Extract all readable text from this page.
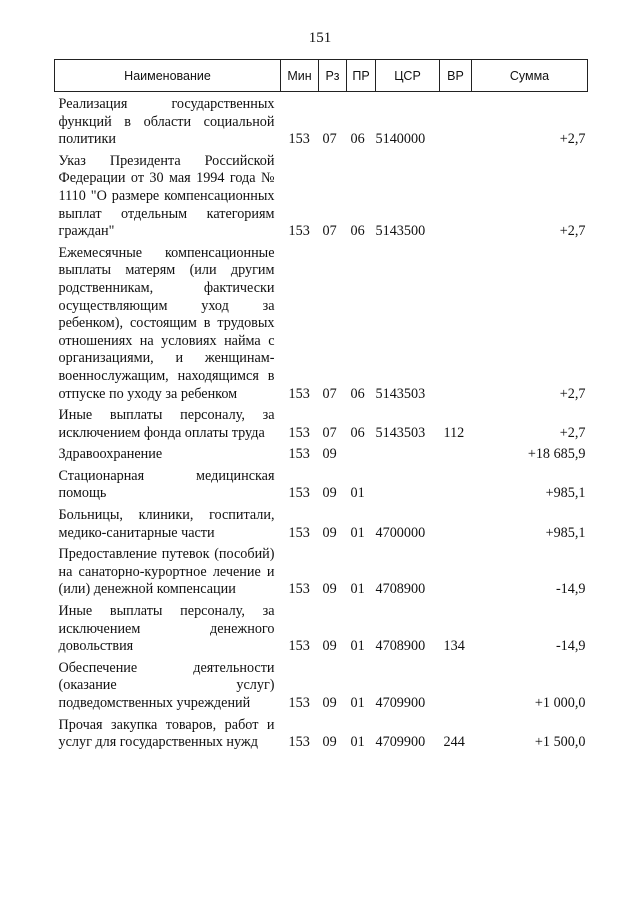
151
Наименование	Мин	Рз	ПР	ЦСР	ВР	Сумма
Реализация государственных функций в области социальной политики	153	07	06	5140000		+2,7
Указ Президента Российской Федерации от 30 мая 1994 года № 1110 "О размере компенсационных выплат отдельным категориям граждан"	153	07	06	5143500		+2,7
Ежемесячные компенсационные выплаты матерям (или другим родственникам, фактически осуществляющим уход за ребенком), состоящим в трудовых отношениях на условиях найма с организациями, и женщинам-военнослужащим, находящимся в отпуске по уходу за ребенком	153	07	06	5143503		+2,7
Иные выплаты персоналу, за исключением фонда оплаты труда	153	07	06	5143503	112	+2,7
Здравоохранение	153	09				+18 685,9
Стационарная медицинская помощь	153	09	01			+985,1
Больницы, клиники, госпитали, медико-санитарные части	153	09	01	4700000		+985,1
Предоставление путевок (пособий) на санаторно-курортное лечение и (или) денежной компенсации	153	09	01	4708900		-14,9
Иные выплаты персоналу, за исключением денежного довольствия	153	09	01	4708900	134	-14,9
Обеспечение деятельности (оказание услуг) подведомственных учреждений	153	09	01	4709900		+1 000,0
Прочая закупка товаров, работ и услуг для государственных нужд	153	09	01	4709900	244	+1 500,0
